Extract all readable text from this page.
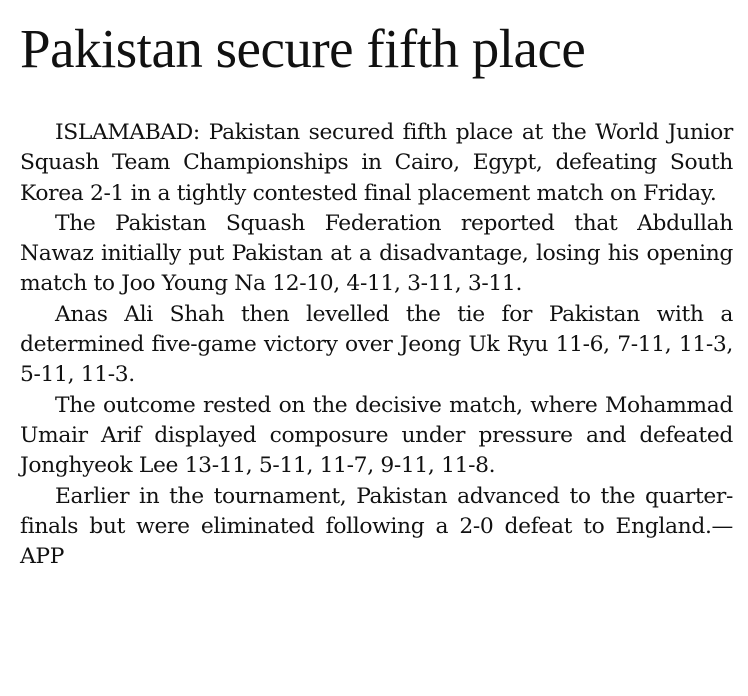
Pakistan secure fifth place

ISLAMABAD: Pakistan secured fifth place at the World Junior Squash Team Championships in Cairo, Egypt, defeating South Korea 2-1 in a tightly contested final placement match on Friday.

The Pakistan Squash Federation reported that Abdullah Nawaz initially put Pakistan at a disadvantage, losing his opening match to Joo Young Na 12-10, 4-11, 3-11, 3-11.

Anas Ali Shah then levelled the tie for Pakistan with a determined five-game victory over Jeong Uk Ryu 11-6, 7-11, 11-3, 5-11, 11-3.

The outcome rested on the decisive match, where Mohammad Umair Arif displayed composure under pressure and defeated Jonghyeok Lee 13-11, 5-11, 11-7, 9-11, 11-8.

Earlier in the tournament, Pakistan advanced to the quarter-finals but were eliminated following a 2-0 defeat to England.—APP
